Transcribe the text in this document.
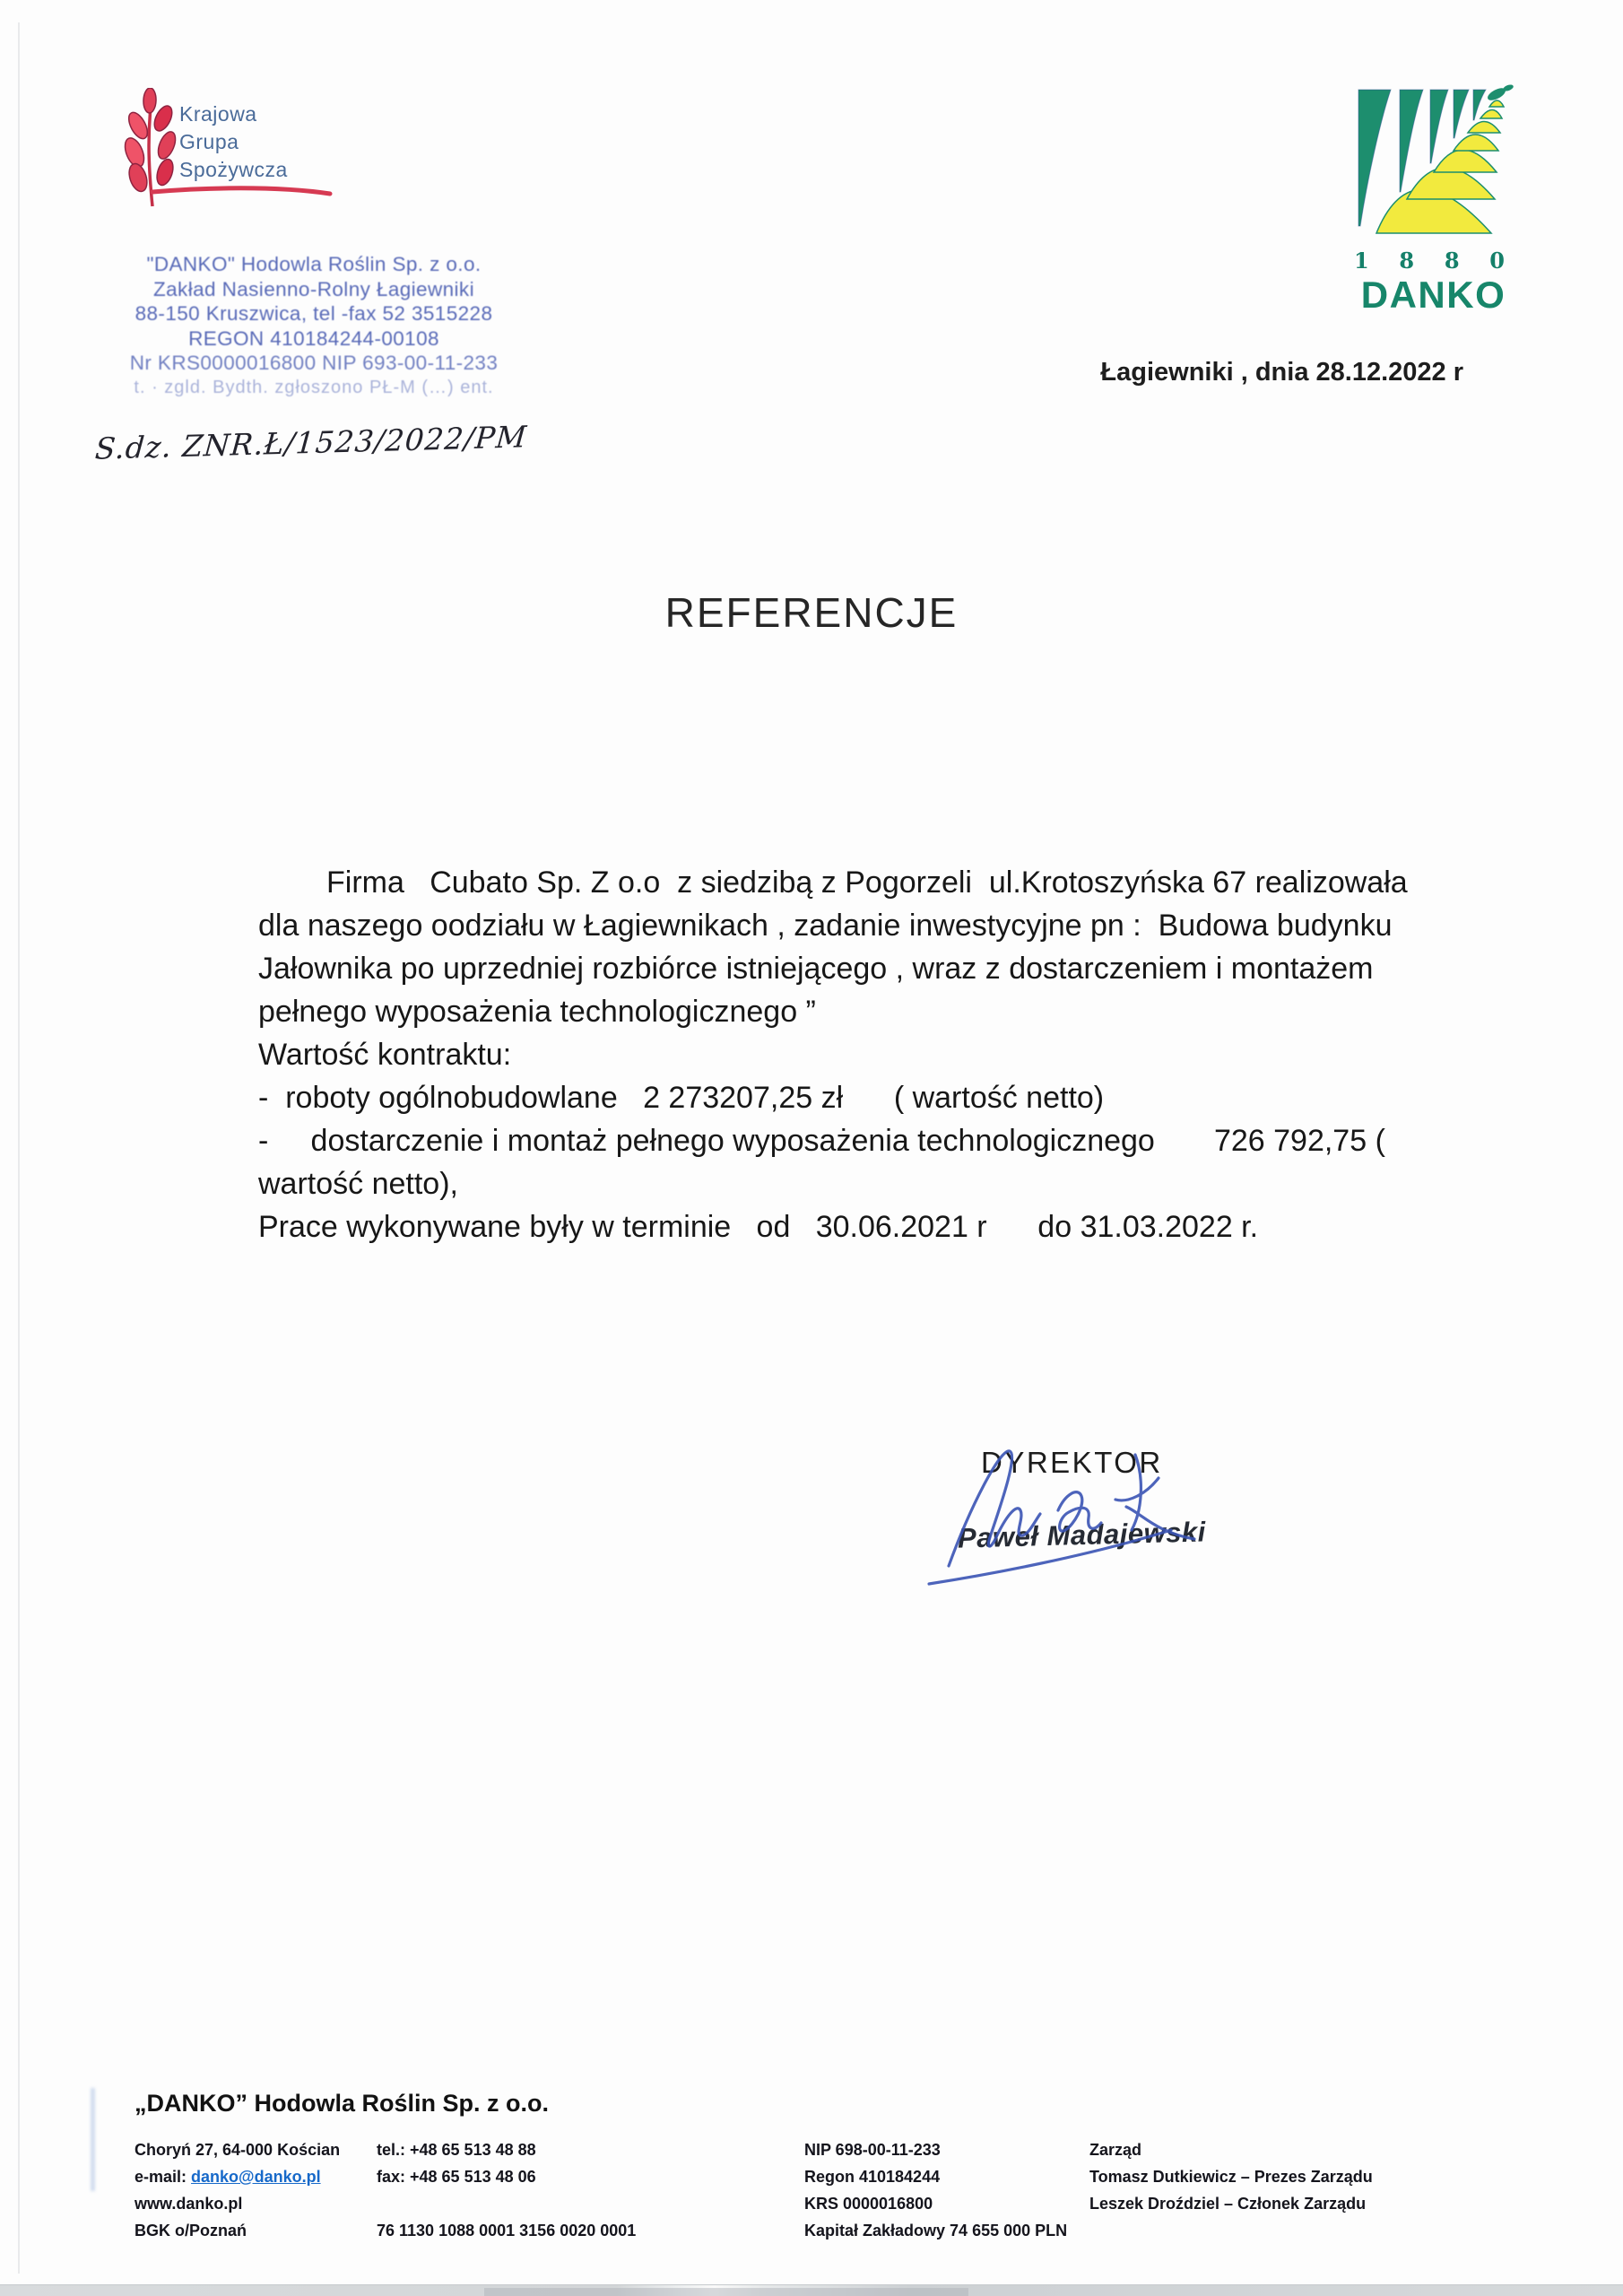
Krajowa
Grupa
Spożywcza
"DANKO" Hodowla Roślin Sp. z o.o.
Zakład Nasienno-Rolny Łagiewniki
88-150 Kruszwica, tel -fax 52 3515228
REGON 410184244-00108
Nr KRS0000016800 NIP 693-00-11-233
t. · zgld. Bydth. zgłoszono PŁ-M (…) ent.
S.dz. ZNR.Ł/1523/2022/PM
1 8 8 0
DANKO
Łagiewniki , dnia 28.12.2022 r
REFERENCJE
Firma   Cubato Sp. Z o.o  z siedzibą z Pogorzeli  ul.Krotoszyńska 67 realizowała
dla naszego oodziału w Łagiewnikach , zadanie inwestycyjne pn :  Budowa budynku
Jałownika po uprzedniej rozbiórce istniejącego , wraz z dostarczeniem i montażem
pełnego wyposażenia technologicznego ”
Wartość kontraktu:
-  roboty ogólnobudowlane   2 273207,25 zł      ( wartość netto)
-     dostarczenie i montaż pełnego wyposażenia technologicznego       726 792,75 (
wartość netto),
Prace wykonywane były w terminie   od   30.06.2021 r      do 31.03.2022 r.
DYREKTOR
Paweł Madajewski
„DANKO” Hodowla Roślin Sp. z o.o.
Choryń 27, 64-000 Kościan
e-mail: danko@danko.pl
www.danko.pl
BGK o/Poznań
tel.: +48 65 513 48 88
fax: +48 65 513 48 06
76 1130 1088 0001 3156 0020 0001
NIP 698-00-11-233
Regon 410184244
KRS 0000016800
Kapitał Zakładowy 74 655 000 PLN
Zarząd
Tomasz Dutkiewicz – Prezes Zarządu
Leszek Droździel – Członek Zarządu
